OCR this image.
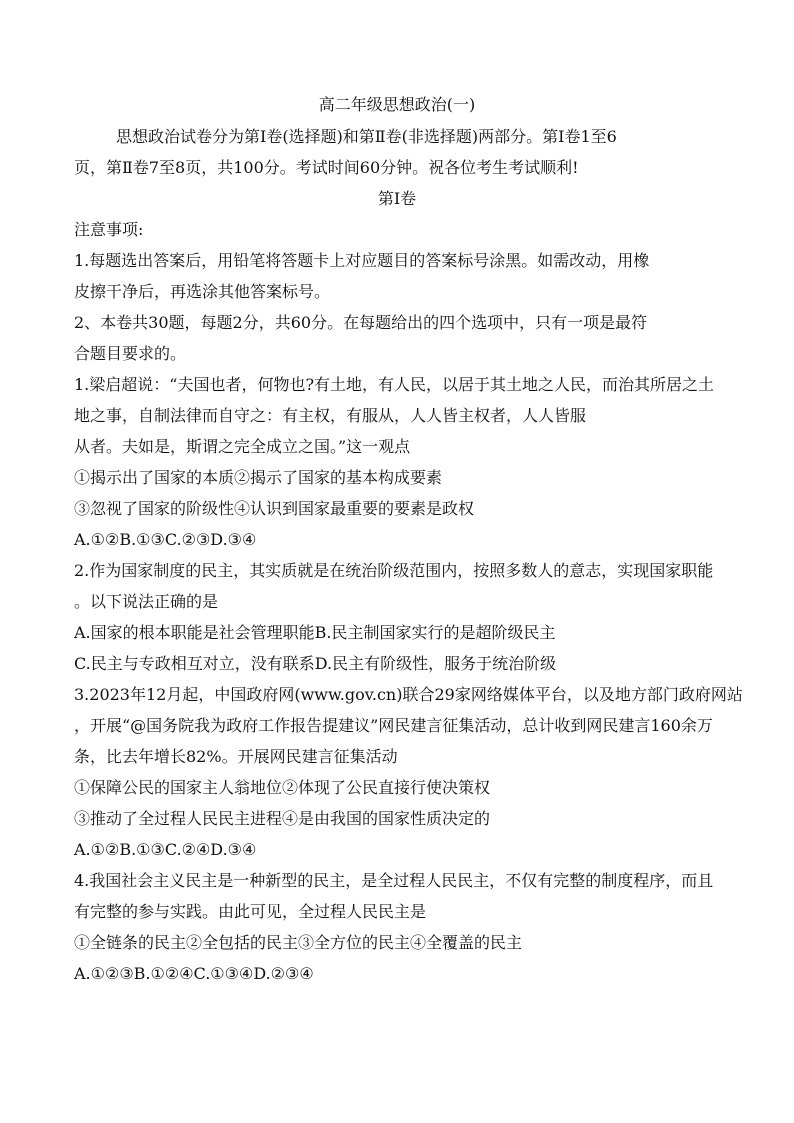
高二年级思想政治(一)
思想政治试卷分为第Ⅰ卷(选择题)和第Ⅱ卷(非选择题)两部分。第Ⅰ卷1至6
页，第Ⅱ卷7至8页，共100分。考试时间60分钟。祝各位考生考试顺利!
第Ⅰ卷
注意事项:
1.每题选出答案后，用铅笔将答题卡上对应题目的答案标号涂黑。如需改动，用橡
皮擦干净后，再选涂其他答案标号。
2、本卷共30题，每题2分，共60分。在每题给出的四个选项中，只有一项是最符
合题目要求的。
1.梁启超说：“夫国也者，何物也?有土地，有人民，以居于其土地之人民，而治其所居之土
地之事，自制法律而自守之：有主权，有服从，人人皆主权者，人人皆服
从者。夫如是，斯谓之完全成立之国。”这一观点
①揭示出了国家的本质②揭示了国家的基本构成要素
③忽视了国家的阶级性④认识到国家最重要的要素是政权
A.①②B.①③C.②③D.③④
2.作为国家制度的民主，其实质就是在统治阶级范围内，按照多数人的意志，实现国家职能
。以下说法正确的是
A.国家的根本职能是社会管理职能B.民主制国家实行的是超阶级民主
C.民主与专政相互对立，没有联系D.民主有阶级性，服务于统治阶级
3.2023年12月起，中国政府网(www.gov.cn)联合29家网络媒体平台，以及地方部门政府网站
，开展“@国务院我为政府工作报告提建议”网民建言征集活动，总计收到网民建言160余万
条，比去年增长82%。开展网民建言征集活动
①保障公民的国家主人翁地位②体现了公民直接行使决策权
③推动了全过程人民民主进程④是由我国的国家性质决定的
A.①②B.①③C.②④D.③④
4.我国社会主义民主是一种新型的民主，是全过程人民民主，不仅有完整的制度程序，而且
有完整的参与实践。由此可见，全过程人民民主是
①全链条的民主②全包括的民主③全方位的民主④全覆盖的民主
A.①②③B.①②④C.①③④D.②③④
